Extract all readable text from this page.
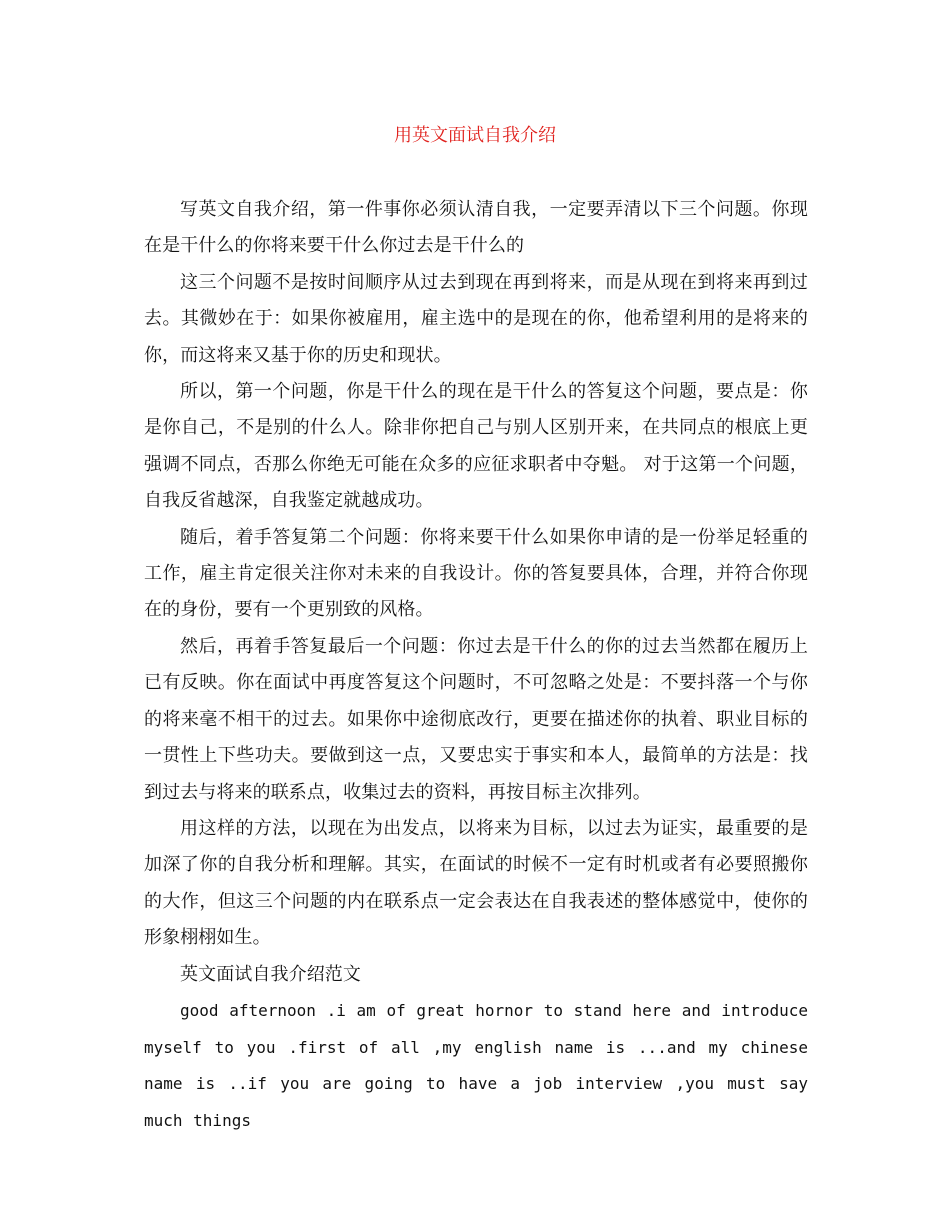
用英文面试自我介绍

写英文自我介绍，第一件事你必须认清自我，一定要弄清以下三个问题。你现在是干什么的你将来要干什么你过去是干什么的

这三个问题不是按时间顺序从过去到现在再到将来，而是从现在到将来再到过去。其微妙在于：如果你被雇用，雇主选中的是现在的你，他希望利用的是将来的你，而这将来又基于你的历史和现状。

所以，第一个问题，你是干什么的现在是干什么的答复这个问题，要点是：你是你自己，不是别的什么人。除非你把自己与别人区别开来，在共同点的根底上更强调不同点，否那么你绝无可能在众多的应征求职者中夺魁。 对于这第一个问题，自我反省越深，自我鉴定就越成功。

随后，着手答复第二个问题：你将来要干什么如果你申请的是一份举足轻重的工作，雇主肯定很关注你对未来的自我设计。你的答复要具体，合理，并符合你现在的身份，要有一个更别致的风格。

然后，再着手答复最后一个问题：你过去是干什么的你的过去当然都在履历上已有反映。你在面试中再度答复这个问题时，不可忽略之处是：不要抖落一个与你的将来毫不相干的过去。如果你中途彻底改行，更要在描述你的执着、职业目标的一贯性上下些功夫。要做到这一点，又要忠实于事实和本人，最简单的方法是：找到过去与将来的联系点，收集过去的资料，再按目标主次排列。

用这样的方法，以现在为出发点，以将来为目标，以过去为证实，最重要的是加深了你的自我分析和理解。其实，在面试的时候不一定有时机或者有必要照搬你的大作，但这三个问题的内在联系点一定会表达在自我表述的整体感觉中，使你的形象栩栩如生。

英文面试自我介绍范文

good afternoon .i am of great hornor to stand here and introduce myself to you .first of all ,my english name is ...and my chinese name is ..if you are going to have a job interview ,you must say much things
